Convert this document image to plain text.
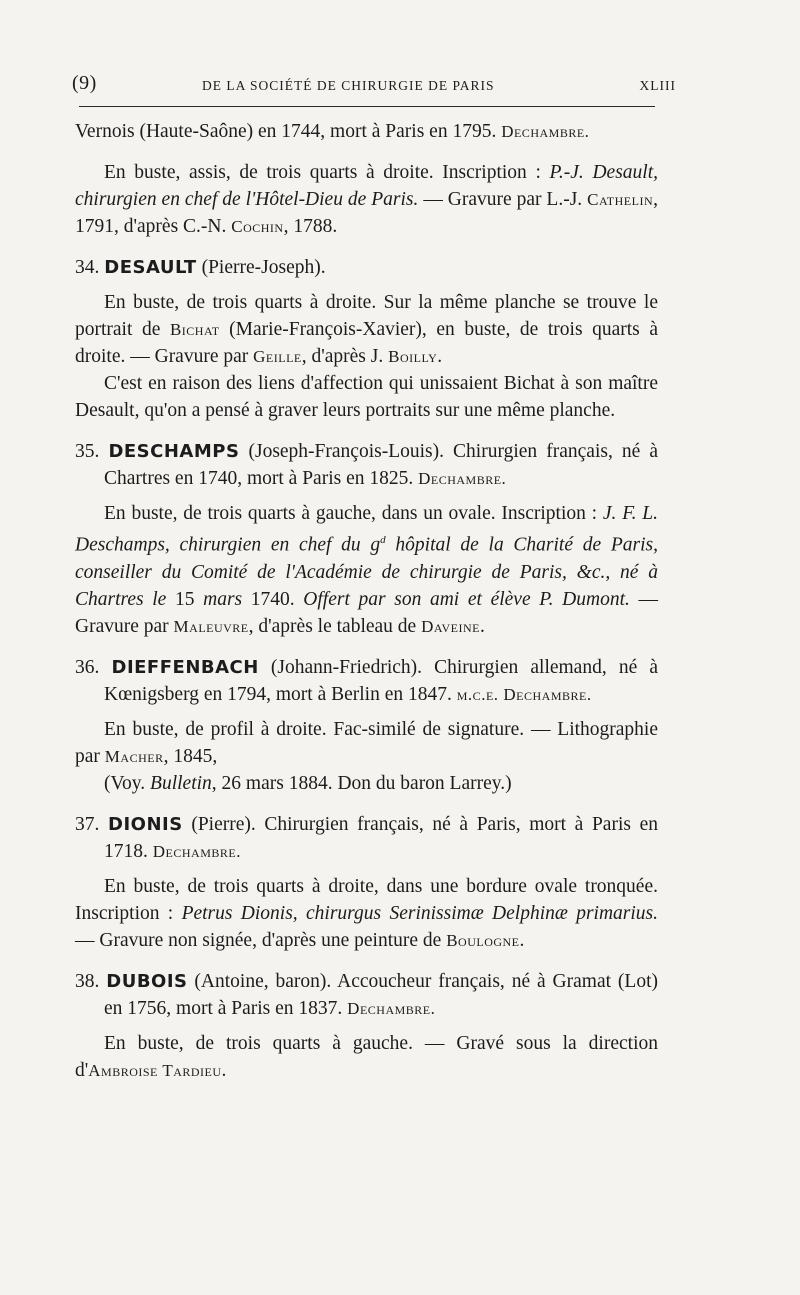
(9)	DE LA SOCIÉTÉ DE CHIRURGIE DE PARIS	XLIII

Vernois (Haute-Saône) en 1744, mort à Paris en 1795. Dechambre.

En buste, assis, de trois quarts à droite. Inscription : P.-J. Desault, chirurgien en chef de l'Hôtel-Dieu de Paris. — Gravure par L.-J. Cathelin, 1791, d'après C.-N. Cochin, 1788.

34. DESAULT (Pierre-Joseph).

En buste, de trois quarts à droite. Sur la même planche se trouve le portrait de Bichat (Marie-François-Xavier), en buste, de trois quarts à droite. — Gravure par Geille, d'après J. Boilly.

C'est en raison des liens d'affection qui unissaient Bichat à son maître Desault, qu'on a pensé à graver leurs portraits sur une même planche.

35. DESCHAMPS (Joseph-François-Louis). Chirurgien français, né à Chartres en 1740, mort à Paris en 1825. Dechambre.

En buste, de trois quarts à gauche, dans un ovale. Inscription : J. F. L. Deschamps, chirurgien en chef du $g^d$ hôpital de la Charité de Paris, conseiller du Comité de l'Académie de chirurgie de Paris, &c., né à Chartres le 15 mars 1740. Offert par son ami et élève P. Dumont. — Gravure par Maleuvre, d'après le tableau de Daveine.

36. DIEFFENBACH (Johann-Friedrich). Chirurgien allemand, né à Kœnigsberg en 1794, mort à Berlin en 1847. m.c.e. Dechambre.

En buste, de profil à droite. Fac-similé de signature. — Lithographie par Macher, 1845,

(Voy. Bulletin, 26 mars 1884. Don du baron Larrey.)

37. DIONIS (Pierre). Chirurgien français, né à Paris, mort à Paris en 1718. Dechambre.

En buste, de trois quarts à droite, dans une bordure ovale tronquée. Inscription : Petrus Dionis, chirurgus Serinissimæ Delphinæ primarius. — Gravure non signée, d'après une peinture de Boulogne.

38. DUBOIS (Antoine, baron). Accoucheur français, né à Gramat (Lot) en 1756, mort à Paris en 1837. Dechambre.

En buste, de trois quarts à gauche. — Gravé sous la direction d'Ambroise Tardieu.
